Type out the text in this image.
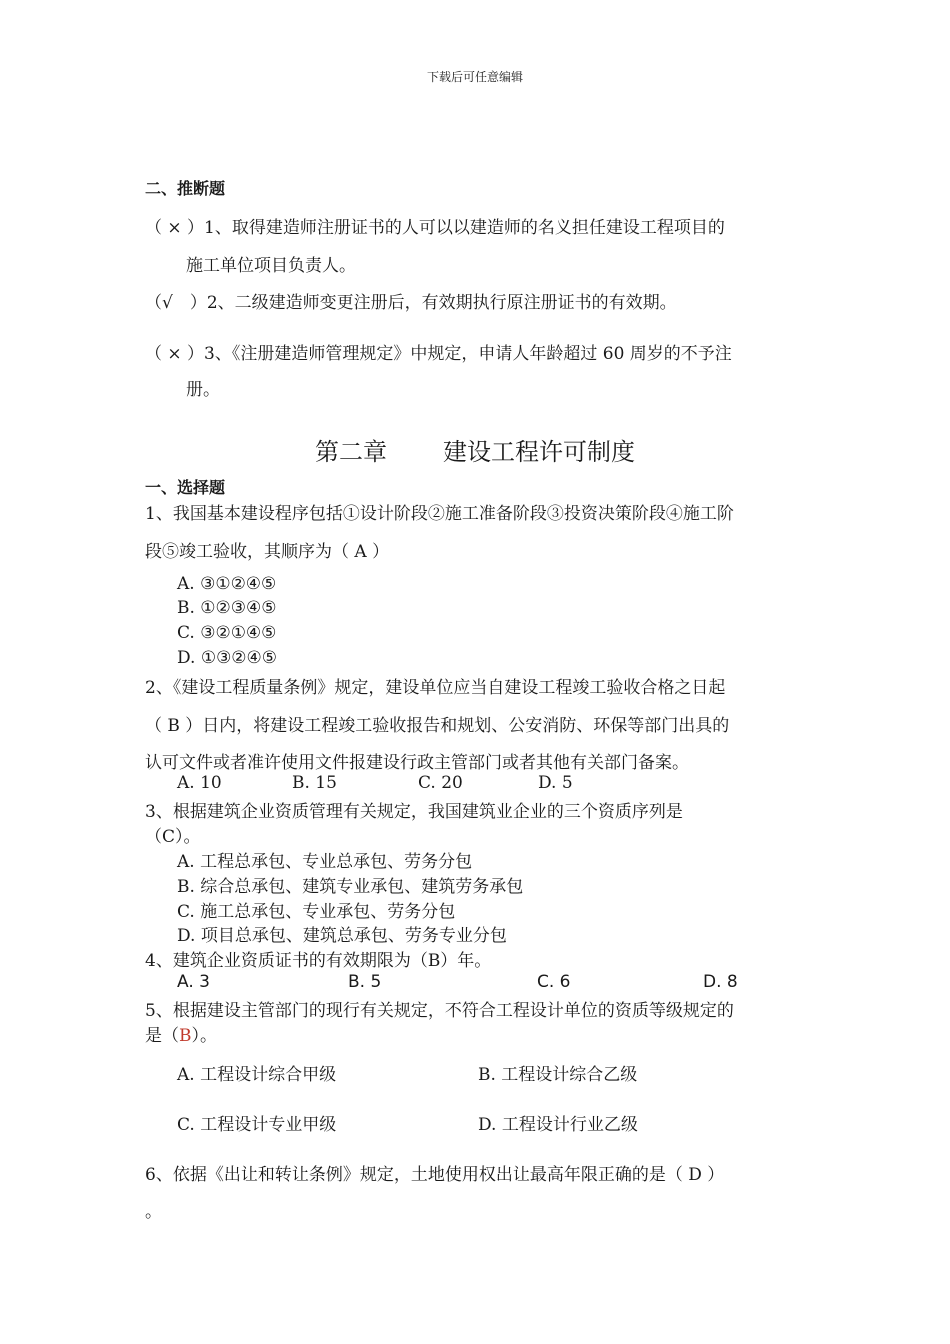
下载后可任意编辑
二、推断题
（ × ）1、取得建造师注册证书的人可以以建造师的名义担任建设工程项目的
施工单位项目负责人。
（√　）2、二级建造师变更注册后，有效期执行原注册证书的有效期。
（ × ）3、《注册建造师管理规定》中规定，申请人年龄超过 60 周岁的不予注
册。
第二章 建设工程许可制度
一、选择题
1、我国基本建设程序包括①设计阶段②施工准备阶段③投资决策阶段④施工阶
段⑤竣工验收，其顺序为（ A ）
A. ③①②④⑤
B. ①②③④⑤
C. ③②①④⑤
D. ①③②④⑤
2、《建设工程质量条例》规定，建设单位应当自建设工程竣工验收合格之日起
（ B ）日内，将建设工程竣工验收报告和规划、公安消防、环保等部门出具的
认可文件或者准许使用文件报建设行政主管部门或者其他有关部门备案。
A. 10	B. 15	C. 20	D. 5
3、根据建筑企业资质管理有关规定，我国建筑业企业的三个资质序列是
（C）。
A. 工程总承包、专业总承包、劳务分包
B. 综合总承包、建筑专业承包、建筑劳务承包
C. 施工总承包、专业承包、劳务分包
D. 项目总承包、建筑总承包、劳务专业分包
4、建筑企业资质证书的有效期限为（B）年。
A. 3	B. 5	C. 6	D. 8
5、根据建设主管部门的现行有关规定，不符合工程设计单位的资质等级规定的
是（B）。
A. 工程设计综合甲级	B. 工程设计综合乙级
C. 工程设计专业甲级	D. 工程设计行业乙级
6、依据《出让和转让条例》规定，土地使用权出让最高年限正确的是（ D ）
。
